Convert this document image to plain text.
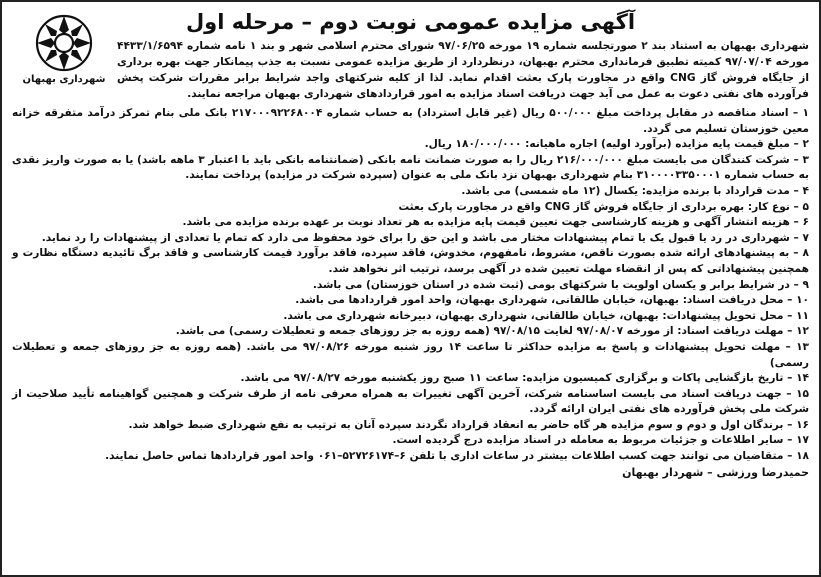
شهرداری بهبهان
آگهی مزایده عمومی نوبت دوم – مرحله اول
شهرداری بهبهان به استناد بند ۲ صورتجلسه شماره ۱۹ مورخه ۹۷/۰۶/۲۵ شورای محترم اسلامی شهر و بند ۱ نامه شماره ۴۴۳۳/۱/۶۵۹۴ مورخه ۹۷/۰۷/۰۴ کمیته تطبیق فرمانداری محترم بهبهان، درنظردارد از طریق مزایده عمومی نسبت به جذب پیمانکار جهت بهره برداری از جایگاه فروش گاز CNG واقع در مجاورت پارک بعثت اقدام نماید. لذا از کلیه شرکتهای واجد شرایط برابر مقررات شرکت پخش فرآورده های نفتی دعوت به عمل می آید جهت دریافت اسناد مزایده به امور قراردادهای شهرداری بهبهان مراجعه نمایند.
۱ – اسناد مناقصه در مقابل پرداخت مبلغ ۵۰۰/۰۰۰ ریال (غیر قابل استرداد) به حساب شماره ۲۱۷۰۰۰۹۲۲۶۸۰۰۴ بانک ملی بنام تمرکز درآمد متفرقه خزانه معین خوزستان تسلیم می گردد.
۲ – مبلغ قیمت پایه مزایده (برآورد اولیه) اجاره ماهیانه: ۱۸۰/۰۰۰/۰۰۰ ریال.
۳ – شرکت کنندگان می بایست مبلغ ۲۱۶/۰۰۰/۰۰۰ ریال را به صورت ضمانت نامه بانکی (ضمانتنامه بانکی باید با اعتبار ۳ ماهه باشد) یا به صورت واریز نقدی به حساب شماره ۳۱۰۰۰۰۳۳۵۰۰۰۱ بنام شهرداری بهبهان نزد بانک ملی به عنوان (سپرده شرکت در مزایده) پرداخت نمایند.
۴ – مدت قرارداد با برنده مزایده: یکسال (۱۲ ماه شمسی) می باشد.
۵ – نوع کار: بهره برداری از جایگاه فروش گاز CNG واقع در مجاورت پارک بعثت
۶ – هزینه انتشار آگهی و هزینه کارشناسی جهت تعیین قیمت پایه مزایده به هر تعداد نوبت بر عهده برنده مزایده می باشد.
۷ – شهرداری در رد یا قبول یک یا تمام پیشنهادات مختار می باشد و این حق را برای خود محفوظ می دارد که تمام یا تعدادی از پیشنهادات را رد نماید.
۸ – به پیشنهادهای ارائه شده بصورت ناقص، مشروط، نامفهوم، مخدوش، فاقد سپرده، فاقد برآورد قیمت کارشناسی و فاقد برگ تائیدیه دستگاه نظارت و همچنین پیشنهاداتی که پس از انقضاء مهلت تعیین شده در آگهی برسد، ترتیب اثر نخواهد شد.
۹ – در شرایط برابر و یکسان اولویت با شرکتهای بومی (ثبت شده در استان خوزستان) می باشد.
۱۰ – محل دریافت اسناد: بهبهان، خیابان طالقانی، شهرداری بهبهان، واحد امور قراردادها می باشد.
۱۱ – محل تحویل پیشنهادات: بهبهان، خیابان طالقانی، شهرداری بهبهان، دبیرخانه شهرداری می باشد.
۱۲ – مهلت دریافت اسناد: از مورخه ۹۷/۰۸/۰۷ لغایت ۹۷/۰۸/۱۵ (همه روزه به جز روزهای جمعه و تعطیلات رسمی) می باشد.
۱۳ – مهلت تحویل پیشنهادات و پاسخ به مزایده حداکثر تا ساعت ۱۴ روز شنبه مورخه ۹۷/۰۸/۲۶ می باشد. (همه روزه به جز روزهای جمعه و تعطیلات رسمی)
۱۴ – تاریخ بازگشایی پاکات و برگزاری کمیسیون مزایده: ساعت ۱۱ صبح روز یکشنبه مورخه ۹۷/۰۸/۲۷ می باشد.
۱۵ – جهت دریافت اسناد می بایست اساسنامه شرکت، آخرین آگهی تغییرات به همراه معرفی نامه از طرف شرکت و همچنین گواهینامه تأیید صلاحیت از شرکت ملی پخش فرآورده های نفتی ایران ارائه گردد.
۱۶ – برندگان اول و دوم و سوم مزایده هر گاه حاضر به انعقاد قرارداد نگردند سپرده آنان به ترتیب به نفع شهرداری ضبط خواهد شد.
۱۷ – سایر اطلاعات و جزئیات مربوط به معامله در اسناد مزایده درج گردیده است.
۱۸ – متقاضیان می توانند جهت کسب اطلاعات بیشتر در ساعات اداری با تلفن ۶–۵۲۷۲۶۱۷۴–۰۶۱ واحد امور قراردادها تماس حاصل نمایند.
حمیدرضا ورزشی – شهردار بهبهان
